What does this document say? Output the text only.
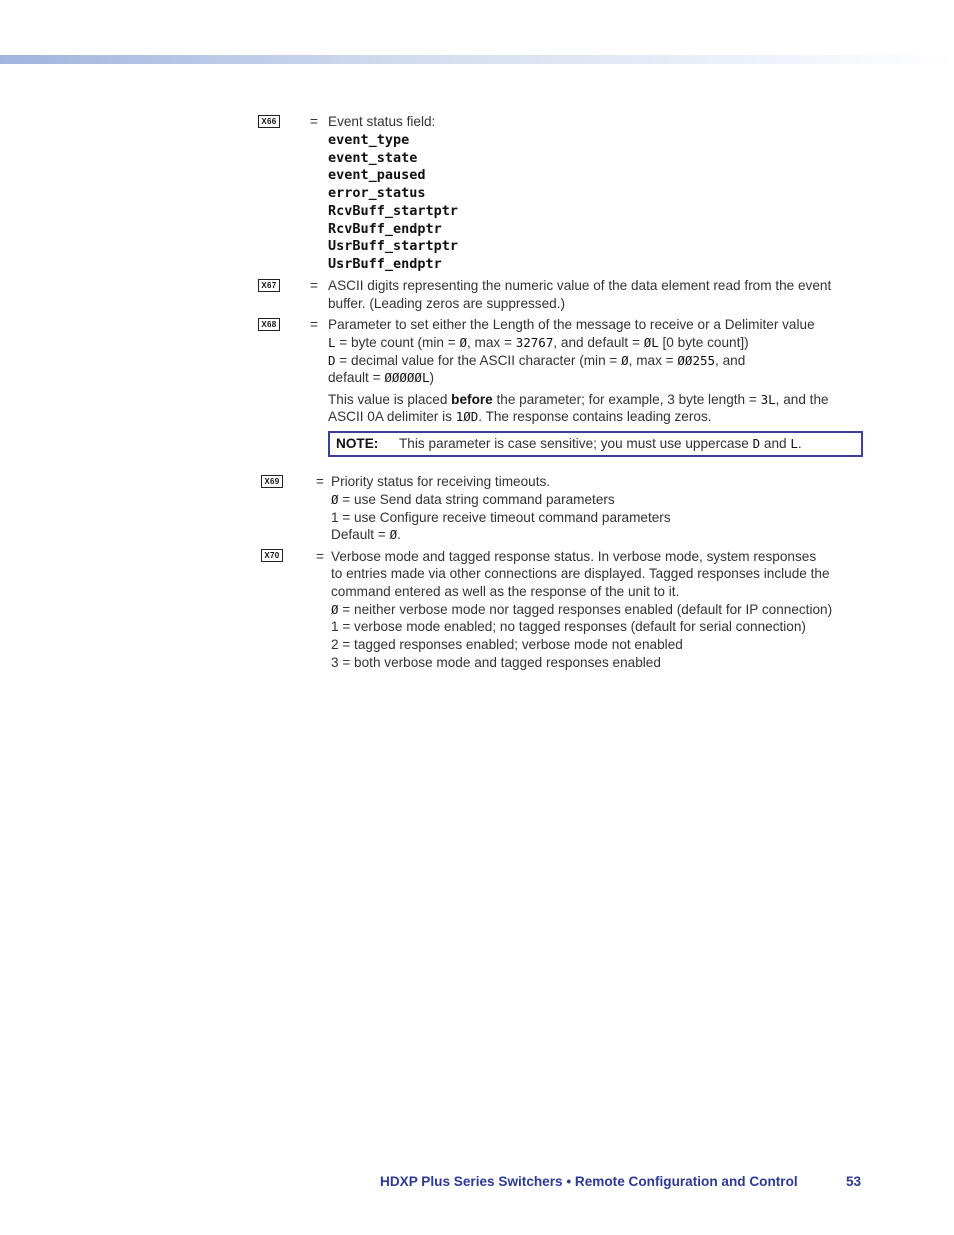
X66 = Event status field:
event_type
event_state
event_paused
error_status
RcvBuff_startptr
RcvBuff_endptr
UsrBuff_startptr
UsrBuff_endptr
X67 = ASCII digits representing the numeric value of the data element read from the event
buffer. (Leading zeros are suppressed.)
X68 = Parameter to set either the Length of the message to receive or a Delimiter value
L = byte count (min = Ø, max = 32767, and default = ØL [0 byte count])
D = decimal value for the ASCII character (min = Ø, max = ØØ255, and
default = ØØØØØL)
This value is placed before the parameter; for example, 3 byte length = 3L, and the
ASCII 0A delimiter is 1ØD. The response contains leading zeros.
NOTE: This parameter is case sensitive; you must use uppercase D and L.
X69	= Priority status for receiving timeouts.
Ø = use Send data string command parameters
1 = use Configure receive timeout command parameters
Default = Ø.
X70	= Verbose mode and tagged response status. In verbose mode, system responses
to entries made via other connections are displayed. Tagged responses include the
command entered as well as the response of the unit to it.
Ø = neither verbose mode nor tagged responses enabled (default for IP connection)
1 = verbose mode enabled; no tagged responses (default for serial connection)
2 = tagged responses enabled; verbose mode not enabled
3 = both verbose mode and tagged responses enabled
HDXP Plus Series Switchers • Remote Configuration and Control	53
